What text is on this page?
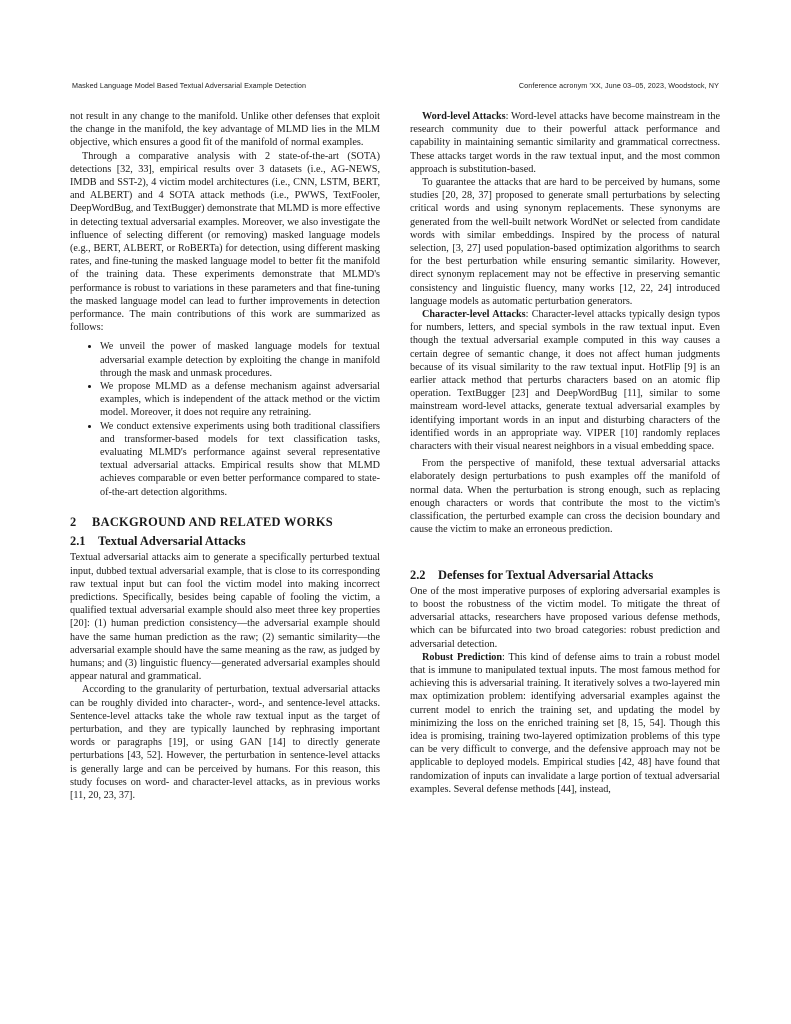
Masked Language Model Based Textual Adversarial Example Detection	Conference acronym 'XX, June 03–05, 2023, Woodstock, NY

not result in any change to the manifold. Unlike other defenses that exploit the change in the manifold, the key advantage of MLMD lies in the MLM objective, which ensures a good fit of the manifold of normal examples.

Through a comparative analysis with 2 state-of-the-art (SOTA) detections [32, 33], empirical results over 3 datasets (i.e., AG-NEWS, IMDB and SST-2), 4 victim model architectures (i.e., CNN, LSTM, BERT, and ALBERT) and 4 SOTA attack methods (i.e., PWWS, TextFooler, DeepWordBug, and TextBugger) demonstrate that MLMD is more effective in detecting textual adversarial examples. Moreover, we also investigate the influence of selecting different (or removing) masked language models (e.g., BERT, ALBERT, or RoBERTa) for detection, using different masking rates, and fine-tuning the masked language model to better fit the manifold of the training data. These experiments demonstrate that MLMD's performance is robust to variations in these parameters and that fine-tuning the masked language model can lead to further improvements in detection performance. The main contributions of this work are summarized as follows:

• We unveil the power of masked language models for textual adversarial example detection by exploiting the change in manifold through the mask and unmask procedures.
• We propose MLMD as a defense mechanism against adversarial examples, which is independent of the attack method or the victim model. Moreover, it does not require any retraining.
• We conduct extensive experiments using both traditional classifiers and transformer-based models for text classification tasks, evaluating MLMD's performance against several representative textual adversarial attacks. Empirical results show that MLMD achieves comparable or even better performance compared to state-of-the-art detection algorithms.
2	BACKGROUND AND RELATED WORKS
2.1	Textual Adversarial Attacks

Textual adversarial attacks aim to generate a specifically perturbed textual input, dubbed textual adversarial example, that is close to its corresponding raw textual input but can fool the victim model into making incorrect predictions. Specifically, besides being capable of fooling the victim, a qualified textual adversarial example should also meet three key properties [20]: (1) human prediction consistency—the adversarial example should have the same human prediction as the raw; (2) semantic similarity—the adversarial example should have the same meaning as the raw, as judged by humans; and (3) linguistic fluency—generated adversarial examples should appear natural and grammatical.

According to the granularity of perturbation, textual adversarial attacks can be roughly divided into character-, word-, and sentence-level attacks. Sentence-level attacks take the whole raw textual input as the target of perturbation, and they are typically launched by rephrasing important words or paragraphs [19], or using GAN [14] to directly generate perturbations [43, 52]. However, the perturbation in sentence-level attacks is generally large and can be perceived by humans. For this reason, this study focuses on word- and character-level attacks, as in previous works [11, 20, 23, 37].

Word-level Attacks: Word-level attacks have become mainstream in the research community due to their powerful attack performance and capability in maintaining semantic similarity and grammatical correctness. These attacks target words in the raw textual input, and the most common approach is substitution-based.

To guarantee the attacks that are hard to be perceived by humans, some studies [20, 28, 37] proposed to generate small perturbations by selecting critical words and using synonym replacements. These synonyms are generated from the well-built network WordNet or selected from candidate words with similar embeddings. Inspired by the process of natural selection, [3, 27] used population-based optimization algorithms to search for the best perturbation while ensuring semantic similarity. However, direct synonym replacement may not be effective in preserving semantic consistency and linguistic fluency, many works [12, 22, 24] introduced language models as automatic perturbation generators.

Character-level Attacks: Character-level attacks typically design typos for numbers, letters, and special symbols in the raw textual input. Even though the textual adversarial example computed in this way causes a certain degree of semantic change, it does not affect human judgments because of its visual similarity to the raw textual input. HotFlip [9] is an earlier attack method that perturbs characters based on an atomic flip operation. TextBugger [23] and DeepWordBug [11], similar to some mainstream word-level attacks, generate textual adversarial examples by identifying important words in an input and disturbing characters of the identified words in an appropriate way. VIPER [10] randomly replaces characters with their visual nearest neighbors in a visual embedding space.

From the perspective of manifold, these textual adversarial attacks elaborately design perturbations to push examples off the manifold of normal data. When the perturbation is strong enough, such as replacing enough characters or words that contribute the most to the victim's classification, the perturbed example can cross the decision boundary and cause the victim to make an erroneous prediction.

2.2	Defenses for Textual Adversarial Attacks

One of the most imperative purposes of exploring adversarial examples is to boost the robustness of the victim model. To mitigate the threat of adversarial attacks, researchers have proposed various defense methods, which can be bifurcated into two broad categories: robust prediction and adversarial detection.

Robust Prediction: This kind of defense aims to train a robust model that is immune to manipulated textual inputs. The most famous method for achieving this is adversarial training. It iteratively solves a two-layered min max optimization problem: identifying adversarial examples against the current model to enrich the training set, and updating the model by minimizing the loss on the enriched training set [8, 15, 54]. Though this idea is promising, training two-layered optimization problems of this type can be very difficult to converge, and the defensive approach may not be applicable to deployed models. Empirical studies [42, 48] have found that randomization of inputs can invalidate a large portion of textual adversarial examples. Several defense methods [44], instead,
